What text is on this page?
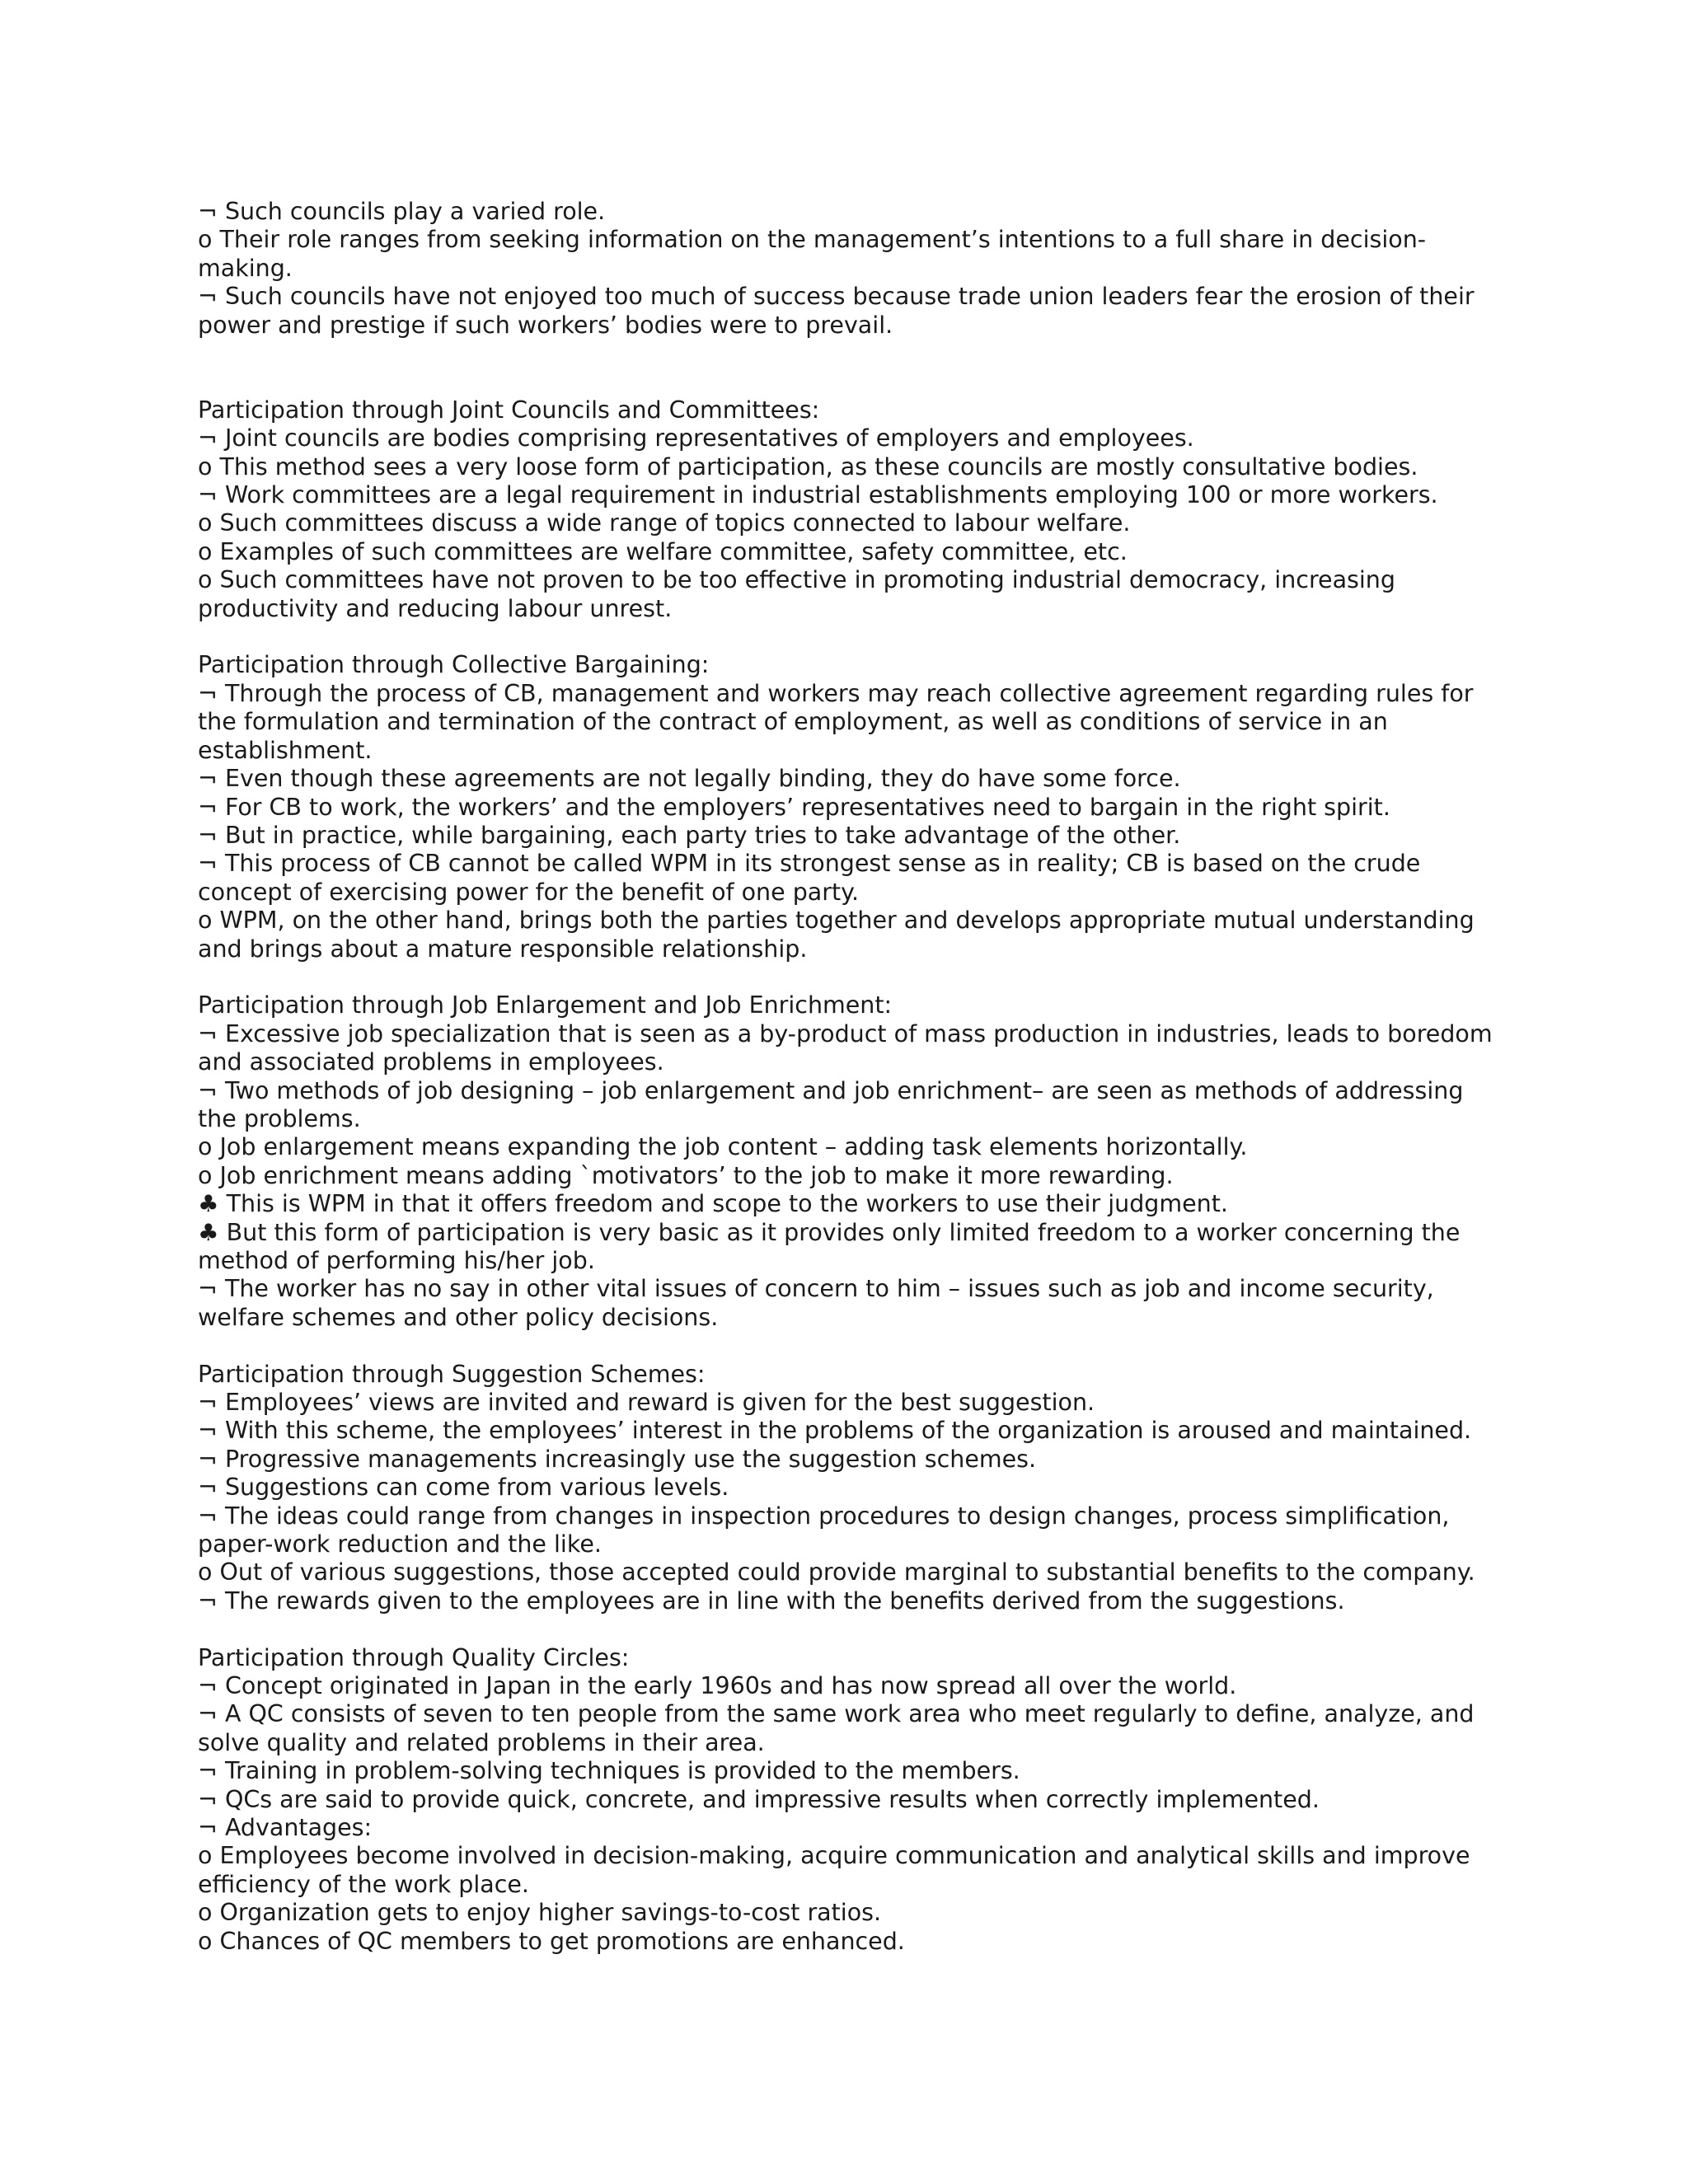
¬ Such councils play a varied role.
o Their role ranges from seeking information on the management’s intentions to a full share in decision-making.
¬ Such councils have not enjoyed too much of success because trade union leaders fear the erosion of their power and prestige if such workers’ bodies were to prevail.
Participation through Joint Councils and Committees:
¬ Joint councils are bodies comprising representatives of employers and employees.
o This method sees a very loose form of participation, as these councils are mostly consultative bodies.
¬ Work committees are a legal requirement in industrial establishments employing 100 or more workers.
o Such committees discuss a wide range of topics connected to labour welfare.
o Examples of such committees are welfare committee, safety committee, etc.
o Such committees have not proven to be too effective in promoting industrial democracy, increasing productivity and reducing labour unrest.
Participation through Collective Bargaining:
¬ Through the process of CB, management and workers may reach collective agreement regarding rules for the formulation and termination of the contract of employment, as well as conditions of service in an establishment.
¬ Even though these agreements are not legally binding, they do have some force.
¬ For CB to work, the workers’ and the employers’ representatives need to bargain in the right spirit.
¬ But in practice, while bargaining, each party tries to take advantage of the other.
¬ This process of CB cannot be called WPM in its strongest sense as in reality; CB is based on the crude concept of exercising power for the benefit of one party.
o WPM, on the other hand, brings both the parties together and develops appropriate mutual understanding and brings about a mature responsible relationship.
Participation through Job Enlargement and Job Enrichment:
¬ Excessive job specialization that is seen as a by-product of mass production in industries, leads to boredom and associated problems in employees.
¬ Two methods of job designing – job enlargement and job enrichment– are seen as methods of addressing the problems.
o Job enlargement means expanding the job content – adding task elements horizontally.
o Job enrichment means adding `motivators’ to the job to make it more rewarding.
♣ This is WPM in that it offers freedom and scope to the workers to use their judgment.
♣ But this form of participation is very basic as it provides only limited freedom to a worker concerning the method of performing his/her job.
¬ The worker has no say in other vital issues of concern to him – issues such as job and income security, welfare schemes and other policy decisions.
Participation through Suggestion Schemes:
¬ Employees’ views are invited and reward is given for the best suggestion.
¬ With this scheme, the employees’ interest in the problems of the organization is aroused and maintained.
¬ Progressive managements increasingly use the suggestion schemes.
¬ Suggestions can come from various levels.
¬ The ideas could range from changes in inspection procedures to design changes, process simplification, paper-work reduction and the like.
o Out of various suggestions, those accepted could provide marginal to substantial benefits to the company.
¬ The rewards given to the employees are in line with the benefits derived from the suggestions.
Participation through Quality Circles:
¬ Concept originated in Japan in the early 1960s and has now spread all over the world.
¬ A QC consists of seven to ten people from the same work area who meet regularly to define, analyze, and solve quality and related problems in their area.
¬ Training in problem-solving techniques is provided to the members.
¬ QCs are said to provide quick, concrete, and impressive results when correctly implemented.
¬ Advantages:
o Employees become involved in decision-making, acquire communication and analytical skills and improve efficiency of the work place.
o Organization gets to enjoy higher savings-to-cost ratios.
o Chances of QC members to get promotions are enhanced.
